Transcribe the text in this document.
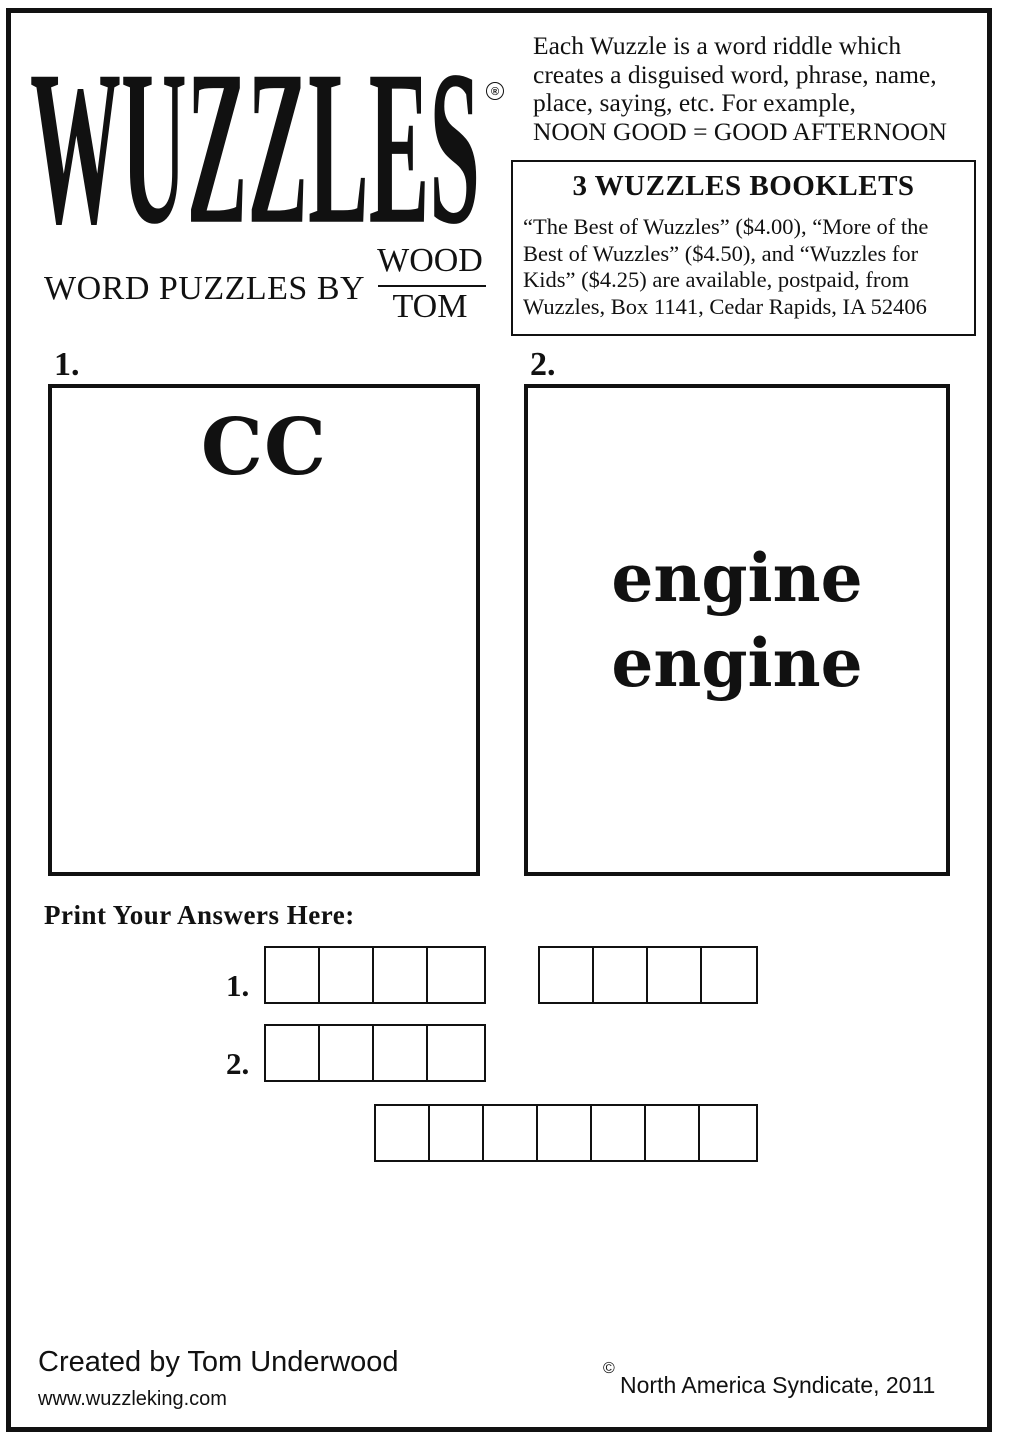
WUZZLES ®
WORD PUZZLES BY
WOOD
TOM
Each Wuzzle is a word riddle which
creates a disguised word, phrase, name,
place, saying, etc. For example,
NOON GOOD = GOOD AFTERNOON
3 WUZZLES BOOKLETS
“The Best of Wuzzles” ($4.00), “More of the
Best of Wuzzles” ($4.50), and “Wuzzles for
Kids” ($4.25) are available, postpaid, from
Wuzzles, Box 1141, Cedar Rapids, IA 52406
1.
CC
2.
engine
engine
Print Your Answers Here:
1.
2.
Created by Tom Underwood
www.wuzzleking.com
©
North America Syndicate, 2011
